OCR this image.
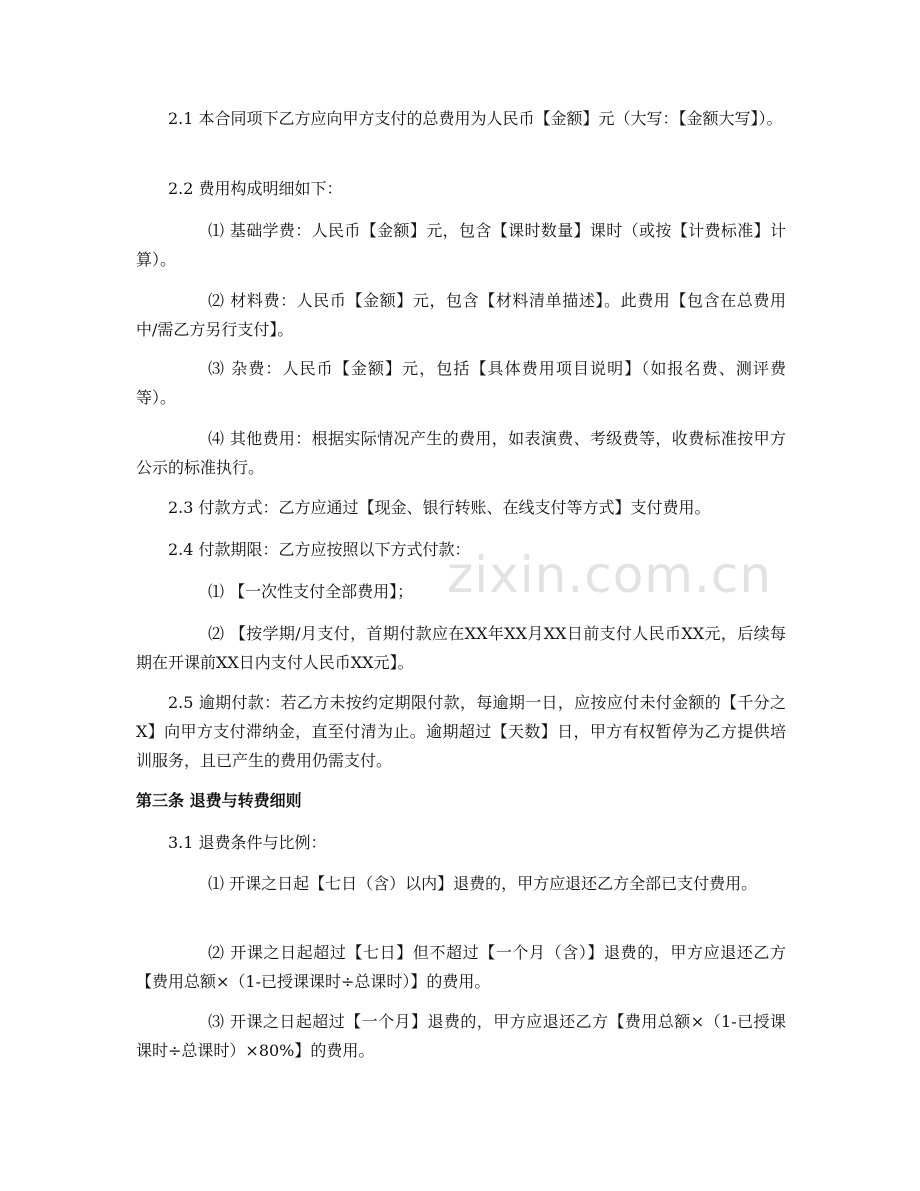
2.1 本合同项下乙方应向甲方支付的总费用为人民币【金额】元（大写：【金额大写】）。

2.2 费用构成明细如下：

⑴ 基础学费：人民币【金额】元，包含【课时数量】课时（或按【计费标准】计算）。

⑵ 材料费：人民币【金额】元，包含【材料清单描述】。此费用【包含在总费用中/需乙方另行支付】。

⑶ 杂费：人民币【金额】元，包括【具体费用项目说明】（如报名费、测评费等）。

⑷ 其他费用：根据实际情况产生的费用，如表演费、考级费等，收费标准按甲方公示的标准执行。

2.3 付款方式：乙方应通过【现金、银行转账、在线支付等方式】支付费用。

2.4 付款期限：乙方应按照以下方式付款：

⑴ 【一次性支付全部费用】；

⑵ 【按学期/月支付，首期付款应在XX年XX月XX日前支付人民币XX元，后续每期在开课前XX日内支付人民币XX元】。

2.5 逾期付款：若乙方未按约定期限付款，每逾期一日，应按应付未付金额的【千分之X】向甲方支付滞纳金，直至付清为止。逾期超过【天数】日，甲方有权暂停为乙方提供培训服务，且已产生的费用仍需支付。

第三条 退费与转费细则

3.1 退费条件与比例：

⑴ 开课之日起【七日（含）以内】退费的，甲方应退还乙方全部已支付费用。

⑵ 开课之日起超过【七日】但不超过【一个月（含）】退费的，甲方应退还乙方【费用总额×（1-已授课课时÷总课时）】的费用。

⑶ 开课之日起超过【一个月】退费的，甲方应退还乙方【费用总额×（1-已授课课时÷总课时）×80%】的费用。

zixin.com.cn
